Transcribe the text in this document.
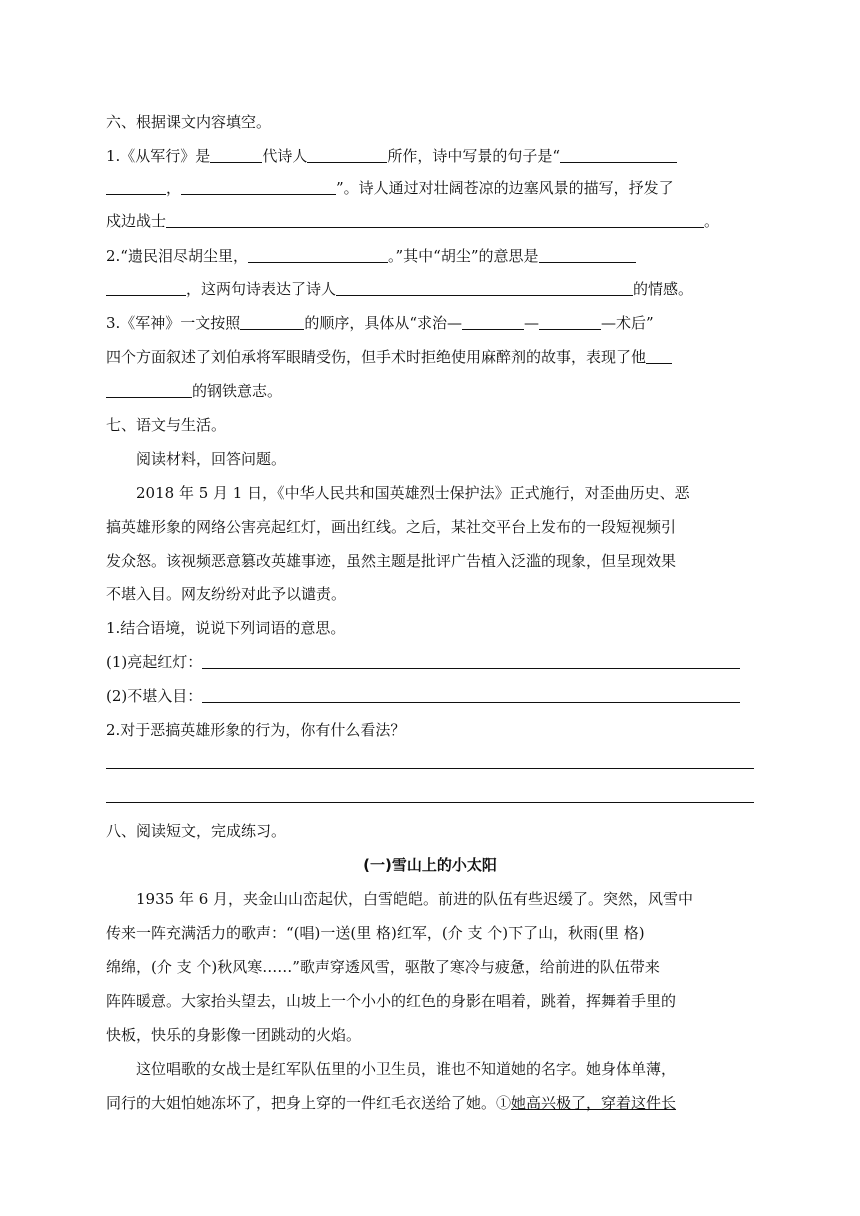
六、根据课文内容填空。
1.《从军行》是	代诗人	所作，诗中写景的句子是“
，	”。诗人通过对壮阔苍凉的边塞风景的描写，抒发了
戍边战士	。
2.“遗民泪尽胡尘里，	。”其中“胡尘”的意思是
，这两句诗表达了诗人	的情感。
3.《军神》一文按照	的顺序，具体从“求治—	—	—术后”
四个方面叙述了刘伯承将军眼睛受伤，但手术时拒绝使用麻醉剂的故事，表现了他
的钢铁意志。
七、语文与生活。
阅读材料，回答问题。
2018 年 5 月 1 日，《中华人民共和国英雄烈士保护法》正式施行，对歪曲历史、恶
搞英雄形象的网络公害亮起红灯，画出红线。之后，某社交平台上发布的一段短视频引
发众怒。该视频恶意篡改英雄事迹，虽然主题是批评广告植入泛滥的现象，但呈现效果
不堪入目。网友纷纷对此予以谴责。
1.结合语境，说说下列词语的意思。
(1)亮起红灯：
(2)不堪入目：
2.对于恶搞英雄形象的行为，你有什么看法？
八、阅读短文，完成练习。
(一)雪山上的小太阳
1935 年 6 月，夹金山山峦起伏，白雪皑皑。前进的队伍有些迟缓了。突然，风雪中
传来一阵充满活力的歌声：“(唱)一送(里 格)红军，(介 支 个)下了山，秋雨(里 格)
绵绵，(介 支 个)秋风寒……”歌声穿透风雪，驱散了寒冷与疲惫，给前进的队伍带来
阵阵暖意。大家抬头望去，山坡上一个小小的红色的身影在唱着，跳着，挥舞着手里的
快板，快乐的身影像一团跳动的火焰。
这位唱歌的女战士是红军队伍里的小卫生员，谁也不知道她的名字。她身体单薄，
同行的大姐怕她冻坏了，把身上穿的一件红毛衣送给了她。①她高兴极了，穿着这件长
